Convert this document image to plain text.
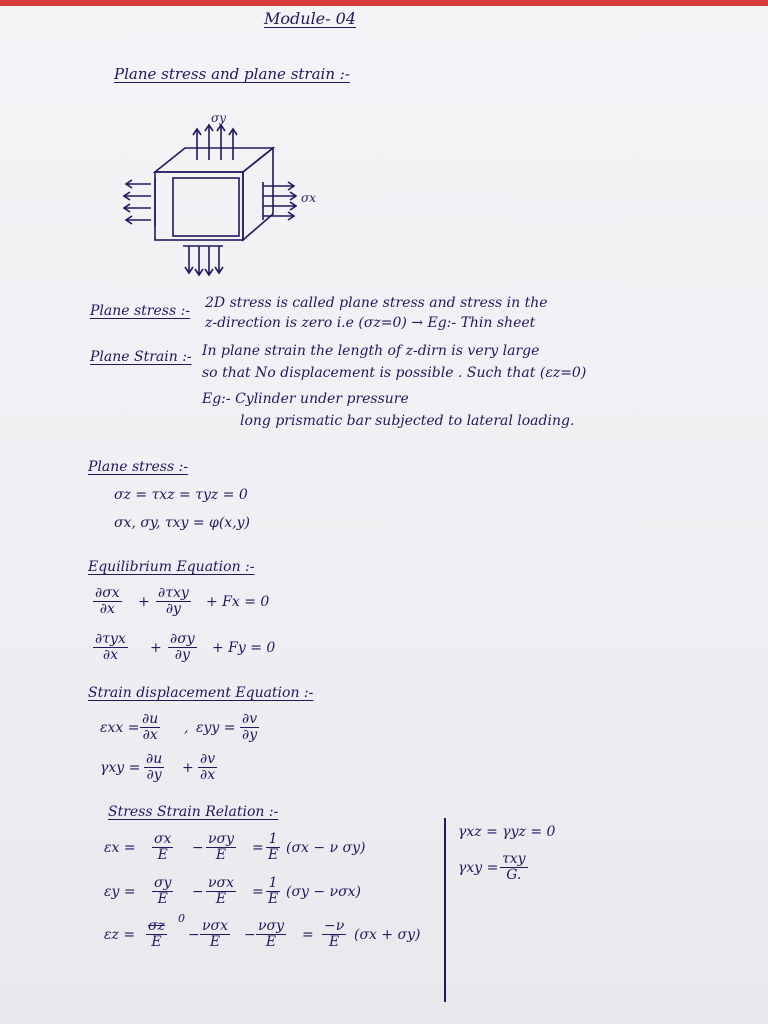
Module- 04
Plane stress and plane strain :-
σy
σx
Plane stress :- 2D stress is called plane stress and stress in the
z-direction is zero i.e (σz=0) → Eg:- Thin sheet
Plane Strain :- In plane strain the length of z-dirn is very large
so that No displacement is possible . Such that (εz=0)
Eg:- Cylinder under pressure
long prismatic bar subjected to lateral loading.
Plane stress :-
σz = τxz = τyz = 0
σx, σy, τxy = φ(x,y)
Equilibrium Equation :-
$\frac{\partial\sigma x}{\partial x}$ +
∂τxy
∂y	+ Fx = 0
∂τyx
∂x	+ $\frac{\partial\sigma y}{\partial y} + Fy = 0$
Strain displacement Equation :-
$\varepsilon xx = \frac{\partial u}{\partial x}$ , $\varepsilon yy = \frac{\partial v}{\partial y}$
$\gamma xy = \frac{\partial u}{\partial y} + \frac{\partial v}{\partial x}$
Stress Strain Relation :-
$\varepsilon x = \frac{\sigma x}{E}$ −
νσy
E	= $\frac{1}{E} (\sigma x - \nu$ σy)
$\varepsilon y = \frac{\sigma y}{E}$ −
νσx
E	= $\frac{1}{E} (\sigma y - \nu\sigma x)$
$\varepsilon z = \frac{\sigma z}{E}$
0
−
νσx
E	−
νσy
E	= $\frac{-\nu}{E} (\sigma x + \sigma y)$
γxz = γyz = 0
γxy =
τxy
G.
